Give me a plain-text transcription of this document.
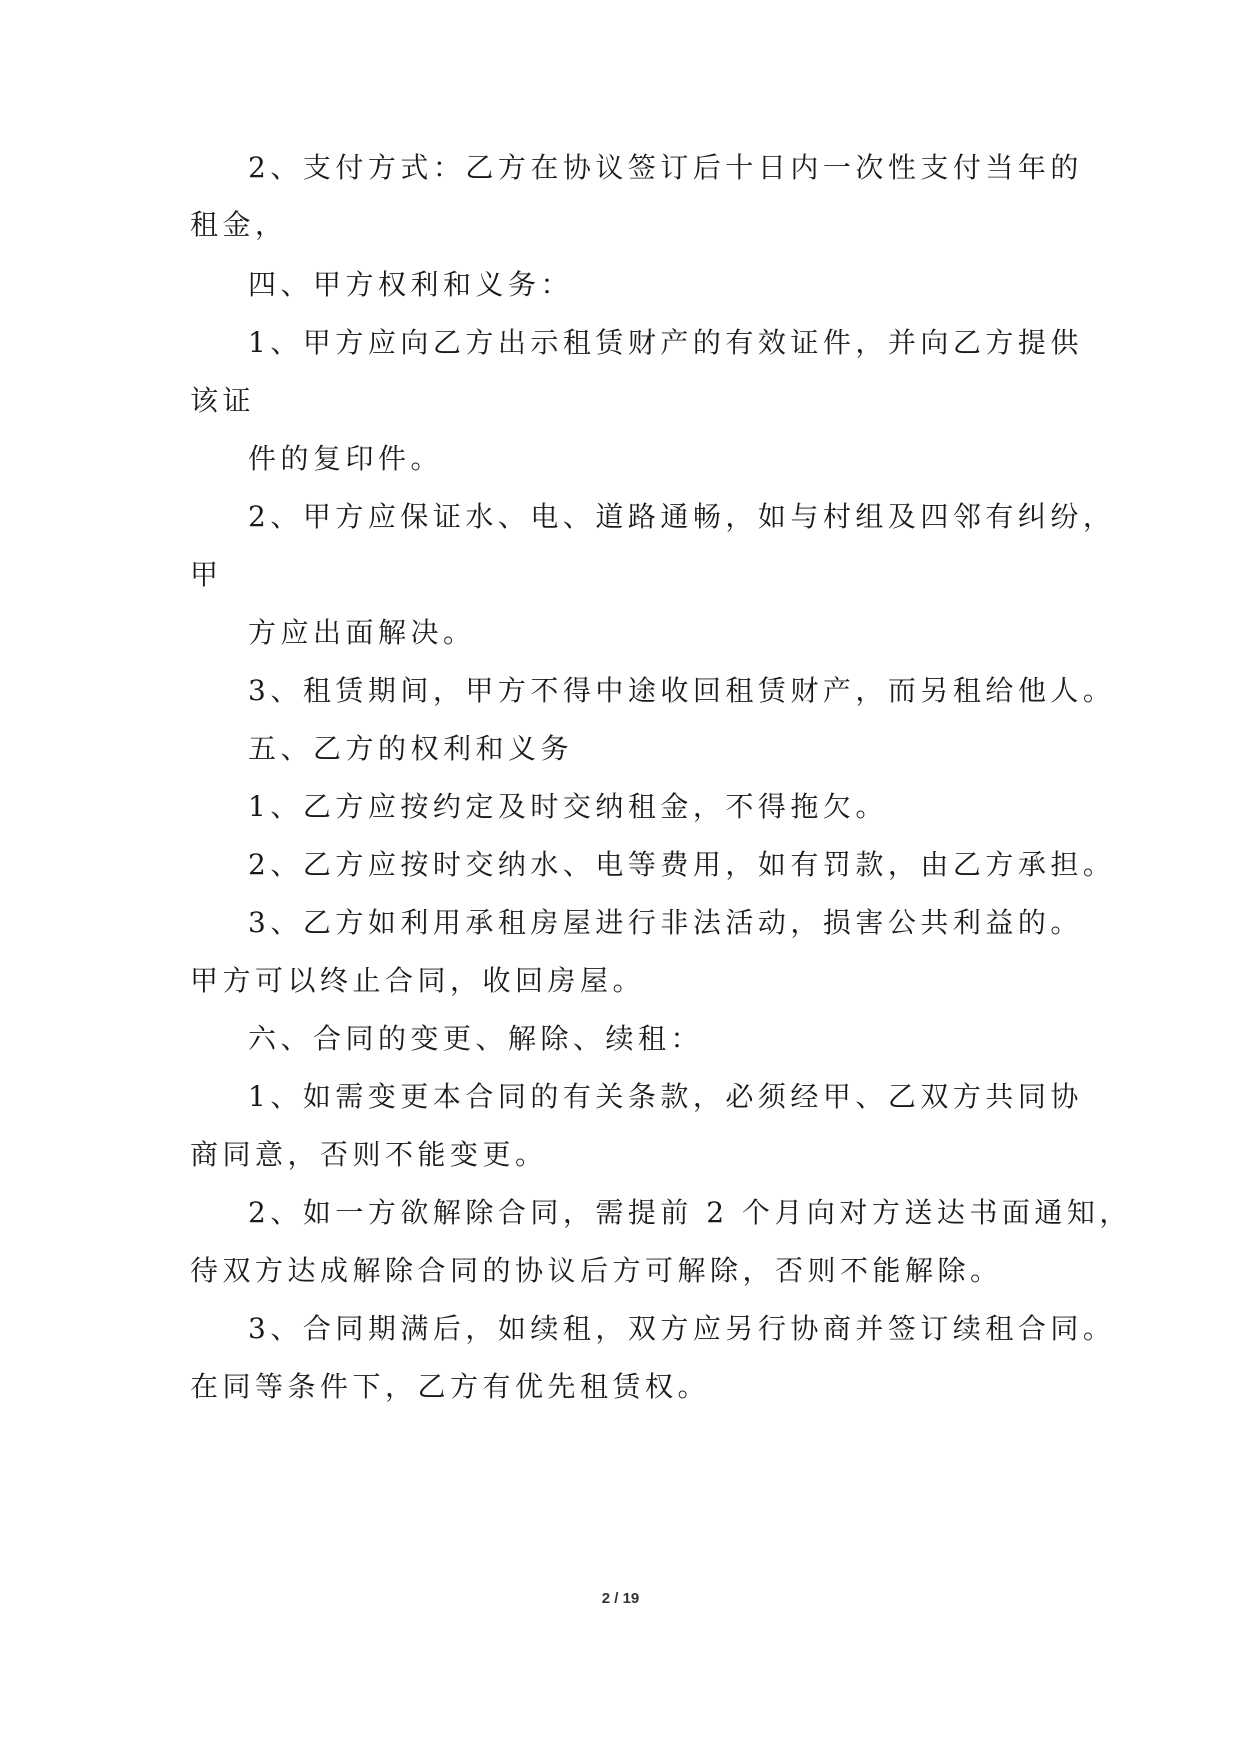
2、支付方式：乙方在协议签订后十日内一次性支付当年的

租金，

四、甲方权利和义务：

1、甲方应向乙方出示租赁财产的有效证件，并向乙方提供

该证

件的复印件。

2、甲方应保证水、电、道路通畅，如与村组及四邻有纠纷，

甲

方应出面解决。

3、租赁期间，甲方不得中途收回租赁财产，而另租给他人。

五、乙方的权利和义务

1、乙方应按约定及时交纳租金，不得拖欠。

2、乙方应按时交纳水、电等费用，如有罚款，由乙方承担。

3、乙方如利用承租房屋进行非法活动，损害公共利益的。

甲方可以终止合同，收回房屋。

六、合同的变更、解除、续租：

1、如需变更本合同的有关条款，必须经甲、乙双方共同协

商同意，否则不能变更。

2、如一方欲解除合同，需提前 2 个月向对方送达书面通知，

待双方达成解除合同的协议后方可解除，否则不能解除。

3、合同期满后，如续租，双方应另行协商并签订续租合同。

在同等条件下，乙方有优先租赁权。

2 / 19
